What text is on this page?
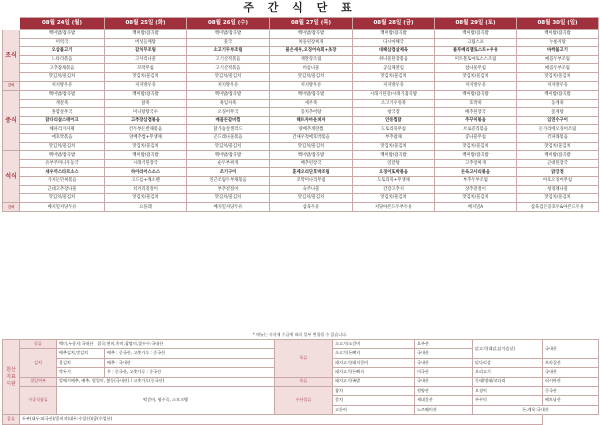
주 간 식 단 표
	08월 24일 (월)	08월 25일 (화)	08월 26일 (수)	08월 27일 (목)	08월 28일 (금)	08월 29일 (토)	08월 30일 (일)
조식	백미밥/잡곡밥	백미밥/잡곡밥	백미밥/잡곡밥	백미밥/잡곡밥	백미밥/잡곡밥	백미밥/잡곡밥	백미밥/잡곡밥
	미역국	버섯들깨탕	뭇국	차돌된장찌개	다시마해국	크림스프	누룽지탕
	오삼불고기	갈치무조림	소고기두부조림	붉은새우,오징어숙회+초장	대패삼겹살제육	블루베리잼토스트+우유	바싹불고기
	느타리볶음	고사리나물	고기산적볶음	계란장조림	취나물된장볶음	미트볼토마토소스조림	매콤두부조림
	고추잡채볶음	꼬막무침	고기산적볶음	비름나물	공심채찰임	참나물무침	매콤두부조림
	맛김치/물김치	맛김치/물김치	맛김치/물김치	맛김치/물김치	맛김치/물김치	맛김치/물김치	맛김치/물김치
간식	저지방우유	저지방우유	저지방우유	저지방우유	저지방우유	저지방우유	저지방우유
중식	백미밥/잡곡밥	백미밥/잡곡밥	백미밥/잡곡밥	백미밥/잡곡밥	시래기된장/시래기잡곡밥	백미밥/잡곡밥	백미밥/잡곡밥
	계살죽	닭죽	흑임자죽	새우죽	소고기우엉죽	호박죽	동계죽
	홍합살무국	미니탕탕국수	오징어무국	꽁치추어탕	청국장	배추된장국	꽃게탕
	닭다리살스테이크	고추장삼겹볶음	매콤돈갈비찜	해뜨자마운퍼자	안동찜닭	주꾸미볶음	임연수구이
	해파리겨자채	건두부돈반채볶음	닭가슴살셀러드	양배추계란찜	도토리묵무침	브로콜리볶음	돈가리에오징어조림
	애호박볶음	양배추쌈+무생채	곤드레나물볶음	간새우젓애호박볶음	부추잡채	콩나물무침	건파래볶음
	맛김치/물김치	맛김치/물김치	맛김치/물김치	맛김치/물김치	맛김치/물김치	맛김치/물김치	맛김치/물김치
석식	백미밥/잡곡밥	백미밥/잡곡밥	백미밥/잡곡밥	백미밥/잡곡밥	백미밥/잡곡밥	백미밥/잡곡밥	백미밥/잡곡밥
	유부주머니우동국	시래기된장국	순두부찌개	배추된장국	얼갈탕	고추장찌개	근대된장국
	새우까스타르소스	하이라이스소스	조기구이	훈제오리단호박조림	오징어또박볶음	돈육고사리볶음	닭강정
	가지돈민찌볶음	고드름+깨소렌	연근조림두부채볶음	꼬막미나리무침	도토리묵+무생채	부추두부조림	아호오징어무침
	근대고추장나물	치커리겉절이	부추겉절이	숙주나물	간장고추지	상추겉절이	청경채나물
	맛김치/물김치	맛김치/물김치	맛김치/물김치	맛김치/물김치	맛김치/물김치	맛김치/물김치	맛김치/물김치
간식	베지밀저당두유	요플레	베지밀저당두유	삼육두유	저당아몬드두부두유	베지밀A	삼육검은콩호두&아몬드두유
* 메뉴는 식자재 수급에 따라 일부 변경될 수 있습니다.
원산지표시판	곡류	백미,누룽지:국내산 잡곡:현미,흑미,찹쌀미,찰수수:국내산		육류	소고기/소갈비	호주산	닭고기(대닭,닭가슴살)	국내산
	김치	배추김치,맛김치	배추 : 중국산, 고춧가루 : 중국산		소고기/돈뼈지	국내산		
		물김치	배추 : 국내산		돼지고기/돼지갈비	국내산	닭다리살	브라질산
		깍두기	무 : 중국산, 고춧가루 : 중국산		돼지고기/돈뼈지	미국산	오리고기	국내산
	절일여부	알배기배추, 배추, 열얼이, 봄동(국내산) / 고춧가루(중국산)		육류	돼지고기/족발	국내산	동태/명태/코다리	러시아산
	가공식품류	떡갈비, 핑수즉, 스모크햄		수산물류	참치	원양산	오징어	중국산
					갈치	세네갈산	주꾸미	베트남산
					고등어	노르웨이산	돈,계육:국내산	
콩류	두부(대두:외국산)/콩비지(대두:수입산)/콩(수입산)							
